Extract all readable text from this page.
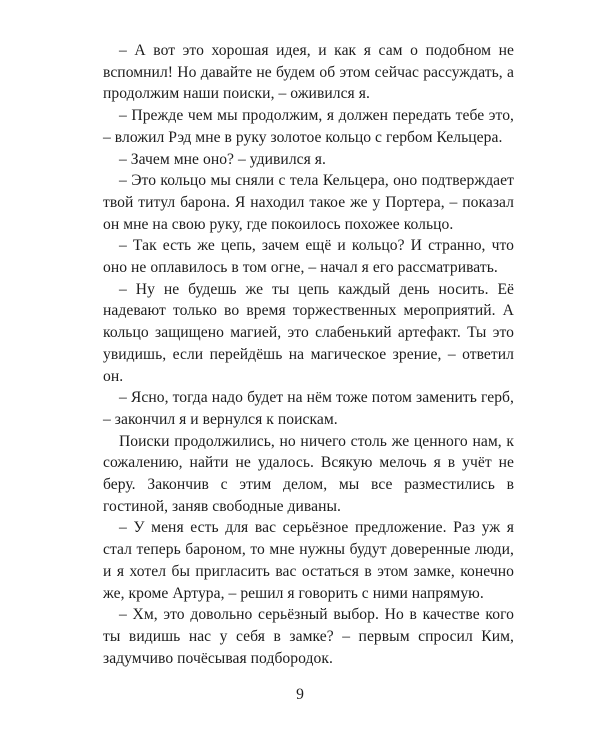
– А вот это хорошая идея, и как я сам о подобном не вспомнил! Но давайте не будем об этом сейчас рассуждать, а продолжим наши поиски, – оживился я.

– Прежде чем мы продолжим, я должен передать тебе это, – вложил Рэд мне в руку золотое кольцо с гербом Кельцера.

– Зачем мне оно? – удивился я.

– Это кольцо мы сняли с тела Кельцера, оно подтверждает твой титул барона. Я находил такое же у Портера, – показал он мне на свою руку, где покоилось похожее кольцо.

– Так есть же цепь, зачем ещё и кольцо? И странно, что оно не оплавилось в том огне, – начал я его рассматривать.

– Ну не будешь же ты цепь каждый день носить. Её надевают только во время торжественных мероприятий. А кольцо защищено магией, это слабенький артефакт. Ты это увидишь, если перейдёшь на магическое зрение, – ответил он.

– Ясно, тогда надо будет на нём тоже потом заменить герб, – закончил я и вернулся к поискам.

Поиски продолжились, но ничего столь же ценного нам, к сожалению, найти не удалось. Всякую мелочь я в учёт не беру. Закончив с этим делом, мы все разместились в гостиной, заняв свободные диваны.

– У меня есть для вас серьёзное предложение. Раз уж я стал теперь бароном, то мне нужны будут доверенные люди, и я хотел бы пригласить вас остаться в этом замке, конечно же, кроме Артура, – решил я говорить с ними напрямую.

– Хм, это довольно серьёзный выбор. Но в качестве кого ты видишь нас у себя в замке? – первым спросил Ким, задумчиво почёсывая подбородок.

9
